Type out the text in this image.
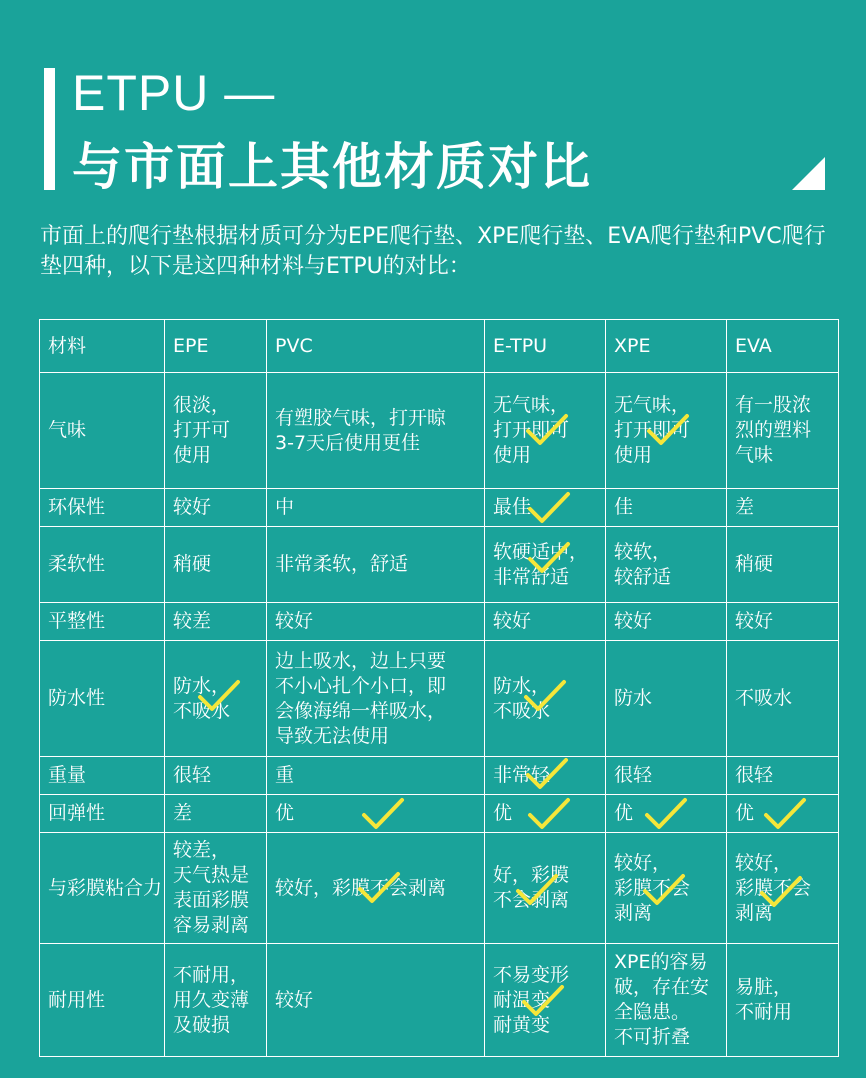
ETPU —
与市面上其他材质对比
市面上的爬行垫根据材质可分为EPE爬行垫、XPE爬行垫、EVA爬行垫和PVC爬行垫四种，以下是这四种材料与ETPU的对比：
材料	EPE	PVC	E-TPU	XPE	EVA
气味	很淡，
打开可
使用	有塑胶气味，打开晾
3-7天后使用更佳	无气味，
打开即可
使用	无气味，
打开即可
使用	有一股浓
烈的塑料
气味
环保性	较好	中	最佳	佳	差
柔软性	稍硬	非常柔软，舒适	软硬适中，
非常舒适	较软，
较舒适	稍硬
平整性	较差	较好	较好	较好	较好
防水性	防水，
不吸水	边上吸水，边上只要
不小心扎个小口，即
会像海绵一样吸水，
导致无法使用	防水，
不吸水	防水	不吸水
重量	很轻	重	非常轻	很轻	很轻
回弹性	差	优	优	优	优

与彩膜粘合力	较差，
天气热是
表面彩膜
容易剥离	较好，彩膜不会剥离	好，彩膜
不会剥离	较好，
彩膜不会
剥离	较好，
彩膜不会
剥离

耐用性	不耐用，
用久变薄
及破损	较好	不易变形
耐温变
耐黄变	XPE的容易
破，存在安
全隐患。
不可折叠	易脏，
不耐用
